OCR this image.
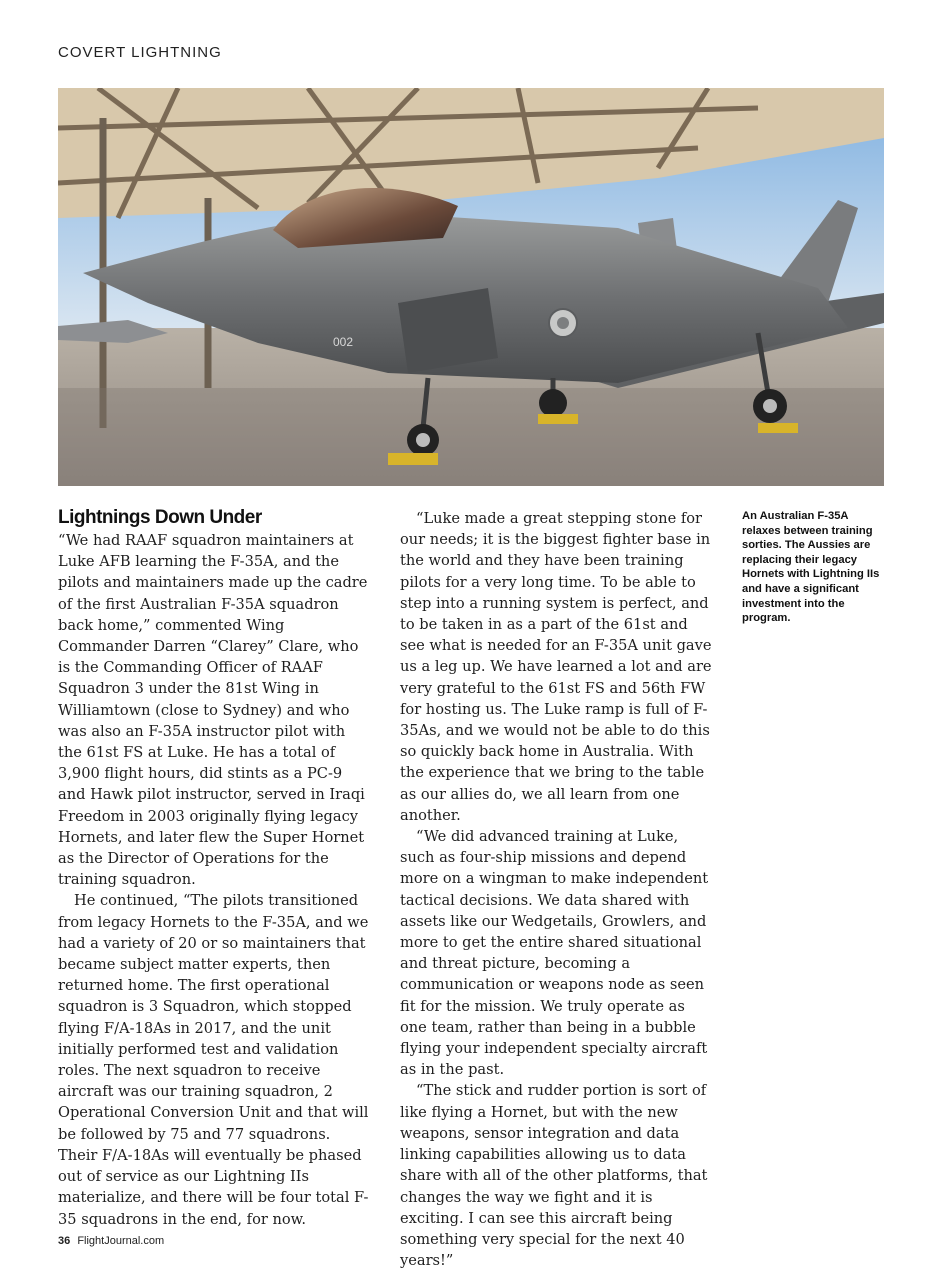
COVERT LIGHTNING
002
Lightnings Down Under

“We had RAAF squadron maintainers at Luke AFB learning the F-35A, and the pilots and maintainers made up the cadre of the first Australian F-35A squadron back home,” commented Wing Commander Darren “Clarey” Clare, who is the Commanding Officer of RAAF Squadron 3 under the 81st Wing in Williamtown (close to Sydney) and who was also an F-35A instructor pilot with the 61st FS at Luke. He has a total of 3,900 flight hours, did stints as a PC-9 and Hawk pilot instructor, served in Iraqi Freedom in 2003 originally flying legacy Hornets, and later flew the Super Hornet as the Director of Operations for the training squadron.

He continued, “The pilots transitioned from legacy Hornets to the F-35A, and we had a variety of 20 or so maintainers that became subject matter experts, then returned home. The first operational squadron is 3 Squadron, which stopped flying F/A-18As in 2017, and the unit initially performed test and validation roles. The next squadron to receive aircraft was our training squadron, 2 Operational Conversion Unit and that will be followed by 75 and 77 squadrons. Their F/A-18As will eventually be phased out of service as our Lightning IIs materialize, and there will be four total F-35 squadrons in the end, for now.

“Luke made a great stepping stone for our needs; it is the biggest fighter base in the world and they have been training pilots for a very long time. To be able to step into a running system is perfect, and to be taken in as a part of the 61st and see what is needed for an F-35A unit gave us a leg up. We have learned a lot and are very grateful to the 61st FS and 56th FW for hosting us. The Luke ramp is full of F-35As, and we would not be able to do this so quickly back home in Australia. With the experience that we bring to the table as our allies do, we all learn from one another.

“We did advanced training at Luke, such as four-ship missions and depend more on a wingman to make independent tactical decisions. We data shared with assets like our Wedgetails, Growlers, and more to get the entire shared situational and threat picture, becoming a communication or weapons node as seen fit for the mission. We truly operate as one team, rather than being in a bubble flying your independent specialty aircraft as in the past.

“The stick and rudder portion is sort of like flying a Hornet, but with the new weapons, sensor integration and data linking capabilities allowing us to data share with all of the other platforms, that changes the way we fight and it is exciting. I can see this aircraft being something very special for the next 40 years!”

An Australian F-35A relaxes between training sorties. The Aussies are replacing their legacy Hornets with Lightning IIs and have a significant investment into the program.
36 FlightJournal.com
